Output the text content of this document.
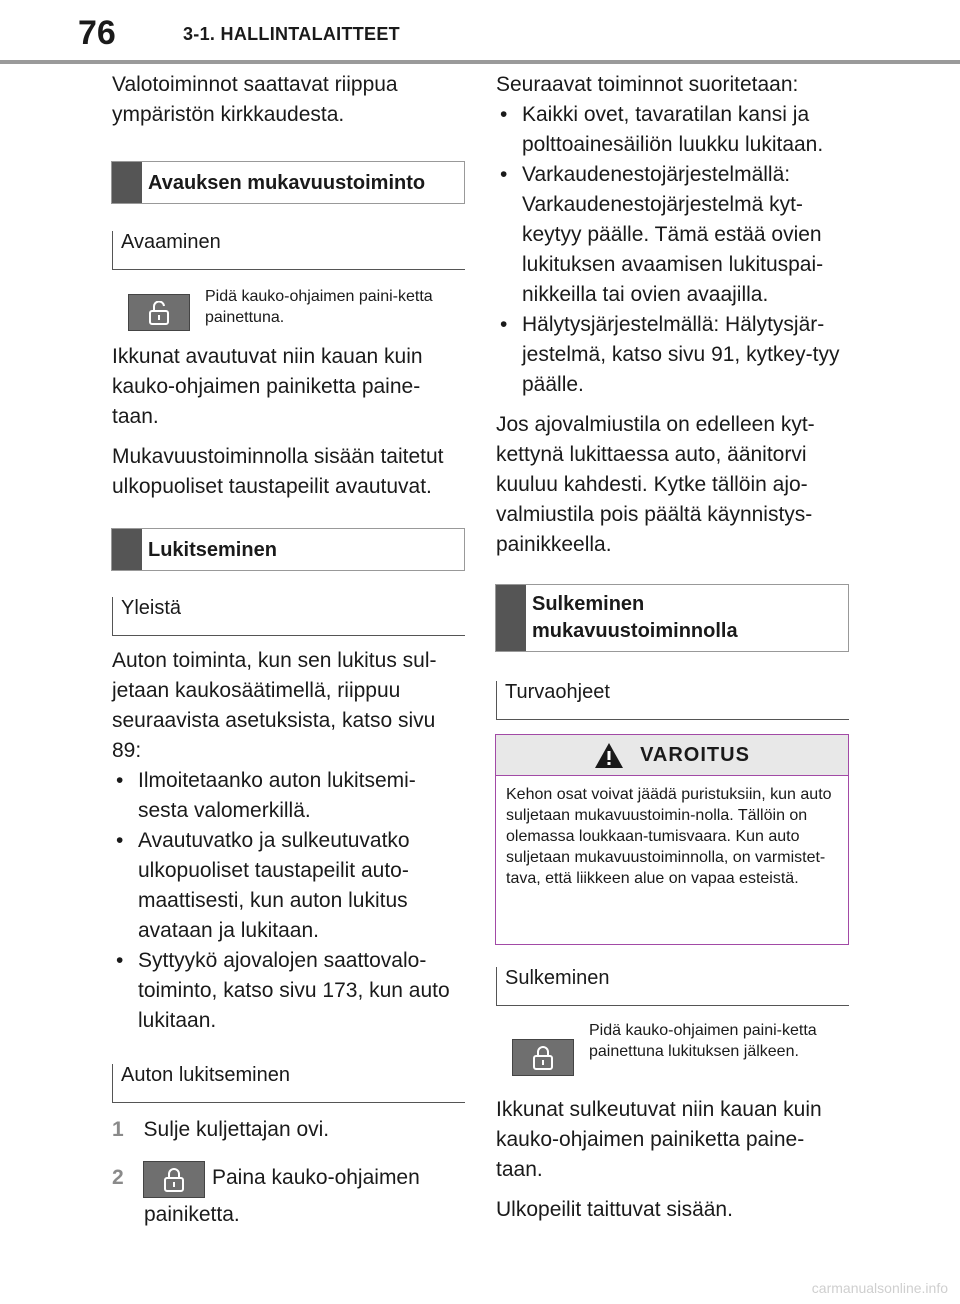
76	3-1. HALLINTALAITTEET

Valotoiminnot saattavat riippua ympäristön kirkkaudesta.

Avauksen mukavuustoiminto
Avaaminen
Pidä kauko-ohjaimen paini-ketta painettuna.

Ikkunat avautuvat niin kauan kuin kauko-ohjaimen painiketta paine-taan.

Mukavuustoiminnolla sisään taitetut ulkopuoliset taustapeilit avautuvat.

Lukitseminen
Yleistä

Auton toiminta, kun sen lukitus sul-jetaan kaukosäätimellä, riippuu seuraavista asetuksista, katso sivu 89:

• Ilmoitetaanko auton lukitsemi-sesta valomerkillä.

• Avautuvatko ja sulkeutuvatko ulkopuoliset taustapeilit auto-maattisesti, kun auton lukitus avataan ja lukitaan.

• Syttyykö ajovalojen saattovalo-toiminto, katso sivu 173, kun auto lukitaan.

Auton lukitseminen
1 Sulje kuljettajan ovi.
2	Paina kauko-ohjaimen
painiketta.

Seuraavat toiminnot suoritetaan:

• Kaikki ovet, tavaratilan kansi ja polttoainesäiliön luukku lukitaan.

• Varkaudenestojärjestelmällä: Varkaudenestojärjestelmä kyt-keytyy päälle. Tämä estää ovien lukituksen avaamisen lukituspai-nikkeilla tai ovien avaajilla.

• Hälytysjärjestelmällä: Hälytysjär-jestelmä, katso sivu 91, kytkey-tyy päälle.

Jos ajovalmiustila on edelleen kyt-kettynä lukittaessa auto, äänitorvi kuuluu kahdesti. Kytke tällöin ajo-valmiustila pois päältä käynnistys-painikkeella.

Sulkeminen mukavuustoiminnolla
Turvaohjeet
VAROITUS
Kehon osat voivat jäädä puristuksiin, kun auto suljetaan mukavuustoimin-nolla. Tällöin on olemassa loukkaan-tumisvaara. Kun auto suljetaan mukavuustoiminnolla, on varmistet-tava, että liikkeen alue on vapaa esteistä.
Sulkeminen
Pidä kauko-ohjaimen paini-ketta painettuna lukituksen jälkeen.

Ikkunat sulkeutuvat niin kauan kuin kauko-ohjaimen painiketta paine-taan.

Ulkopeilit taittuvat sisään.

carmanualsonline.info
